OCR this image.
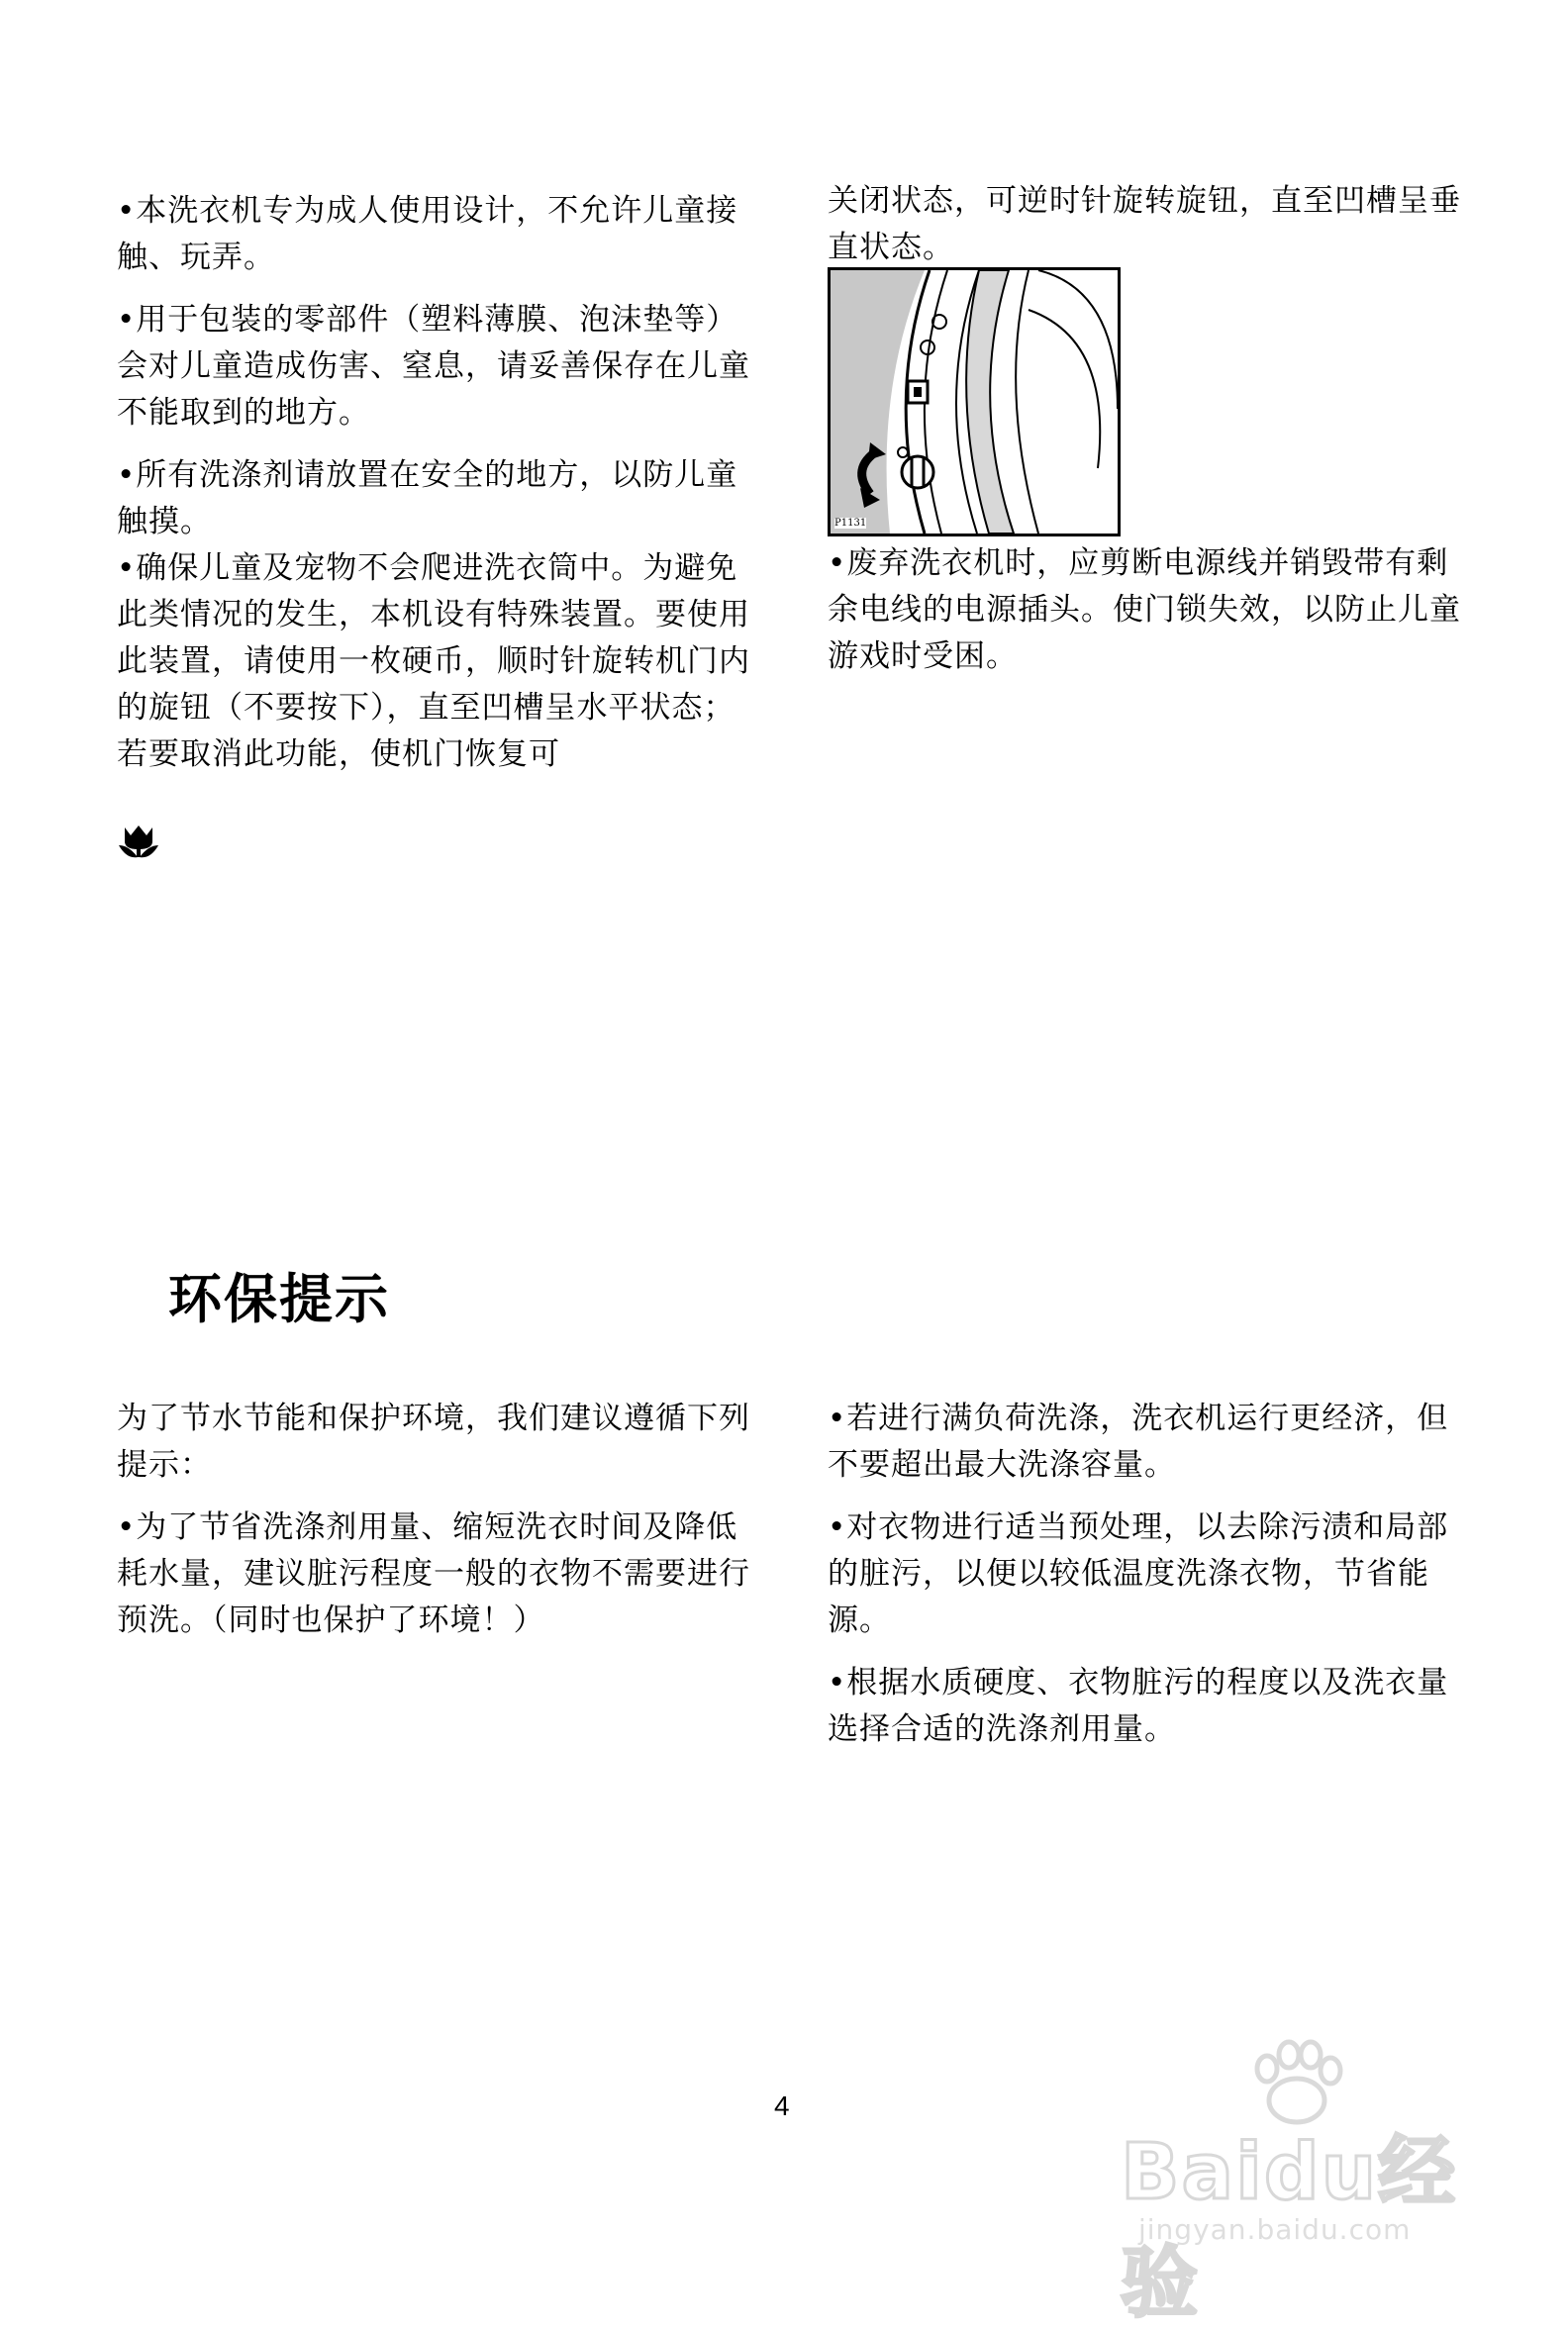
•本洗衣机专为成人使用设计，不允许儿童接触、玩弄。

•用于包装的零部件（塑料薄膜、泡沫垫等）会对儿童造成伤害、窒息，请妥善保存在儿童不能取到的地方。

•所有洗涤剂请放置在安全的地方，以防儿童触摸。

•确保儿童及宠物不会爬进洗衣筒中。为避免此类情况的发生，本机设有特殊装置。要使用此装置，请使用一枚硬币，顺时针旋转机门内的旋钮（不要按下），直至凹槽呈水平状态；若要取消此功能，使机门恢复可

关闭状态，可逆时针旋转旋钮，直至凹槽呈垂直状态。

P1131

•废弃洗衣机时，应剪断电源线并销毁带有剩余电线的电源插头。使门锁失效，以防止儿童游戏时受困。

环保提示

为了节水节能和保护环境，我们建议遵循下列提示：

•为了节省洗涤剂用量、缩短洗衣时间及降低耗水量，建议脏污程度一般的衣物不需要进行预洗。（同时也保护了环境！）

•若进行满负荷洗涤，洗衣机运行更经济，但不要超出最大洗涤容量。

•对衣物进行适当预处理，以去除污渍和局部的脏污，以便以较低温度洗涤衣物，节省能源。

•根据水质硬度、衣物脏污的程度以及洗衣量选择合适的洗涤剂用量。

4
Baidu经验
jingyan.baidu.com
